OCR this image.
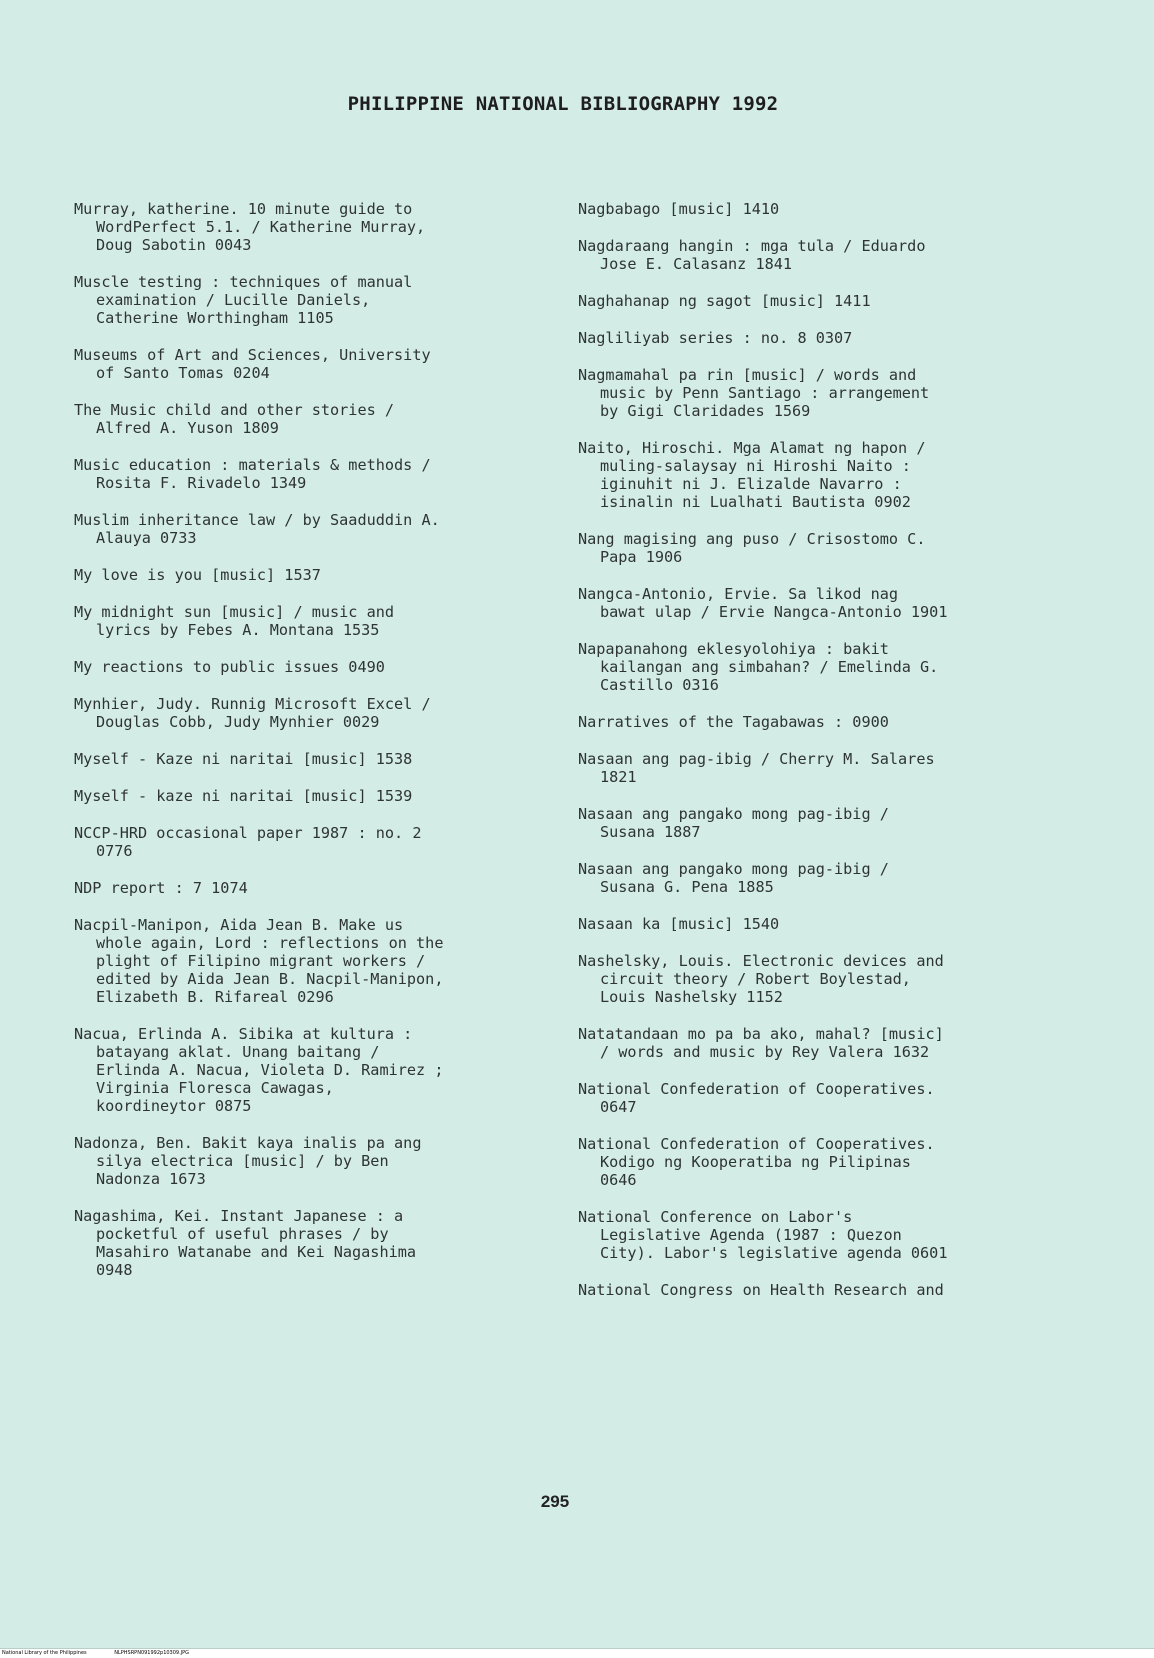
PHILIPPINE NATIONAL BIBLIOGRAPHY 1992
Murray, katherine. 10 minute guide to
WordPerfect 5.1. / Katherine Murray,
Doug Sabotin 0043
Muscle testing : techniques of manual
examination / Lucille Daniels,
Catherine Worthingham 1105
Museums of Art and Sciences, University
of Santo Tomas 0204
The Music child and other stories /
Alfred A. Yuson 1809
Music education : materials & methods /
Rosita F. Rivadelo 1349
Muslim inheritance law / by Saaduddin A.
Alauya 0733
My love is you [music] 1537
My midnight sun [music] / music and
lyrics by Febes A. Montana 1535
My reactions to public issues 0490
Mynhier, Judy. Runnig Microsoft Excel /
Douglas Cobb, Judy Mynhier 0029
Myself - Kaze ni naritai [music] 1538
Myself - kaze ni naritai [music] 1539
NCCP-HRD occasional paper 1987 : no. 2
0776
NDP report : 7 1074
Nacpil-Manipon, Aida Jean B. Make us
whole again, Lord : reflections on the
plight of Filipino migrant workers /
edited by Aida Jean B. Nacpil-Manipon,
Elizabeth B. Rifareal 0296
Nacua, Erlinda A. Sibika at kultura :
batayang aklat. Unang baitang /
Erlinda A. Nacua, Violeta D. Ramirez ;
Virginia Floresca Cawagas,
koordineytor 0875
Nadonza, Ben. Bakit kaya inalis pa ang
silya electrica [music] / by Ben
Nadonza 1673
Nagashima, Kei. Instant Japanese : a
pocketful of useful phrases / by
Masahiro Watanabe and Kei Nagashima
0948
Nagbabago [music] 1410
Nagdaraang hangin : mga tula / Eduardo
Jose E. Calasanz 1841
Naghahanap ng sagot [music] 1411
Nagliliyab series : no. 8 0307
Nagmamahal pa rin [music] / words and
music by Penn Santiago : arrangement
by Gigi Claridades 1569
Naito, Hiroschi. Mga Alamat ng hapon /
muling-salaysay ni Hiroshi Naito :
iginuhit ni J. Elizalde Navarro :
isinalin ni Lualhati Bautista 0902
Nang magising ang puso / Crisostomo C.
Papa 1906
Nangca-Antonio, Ervie. Sa likod nag
bawat ulap / Ervie Nangca-Antonio 1901
Napapanahong eklesyolohiya : bakit
kailangan ang simbahan? / Emelinda G.
Castillo 0316
Narratives of the Tagabawas : 0900
Nasaan ang pag-ibig / Cherry M. Salares
1821
Nasaan ang pangako mong pag-ibig /
Susana 1887
Nasaan ang pangako mong pag-ibig /
Susana G. Pena 1885
Nasaan ka [music] 1540
Nashelsky, Louis. Electronic devices and
circuit theory / Robert Boylestad,
Louis Nashelsky 1152
Natatandaan mo pa ba ako, mahal? [music]
/ words and music by Rey Valera 1632
National Confederation of Cooperatives.
0647
National Confederation of Cooperatives.
Kodigo ng Kooperatiba ng Pilipinas
0646
National Conference on Labor's
Legislative Agenda (1987 : Quezon
City). Labor's legislative agenda 0601
National Congress on Health Research and
295
National Library of the Philippines	NLPHSRPN091992p10309.JPG
